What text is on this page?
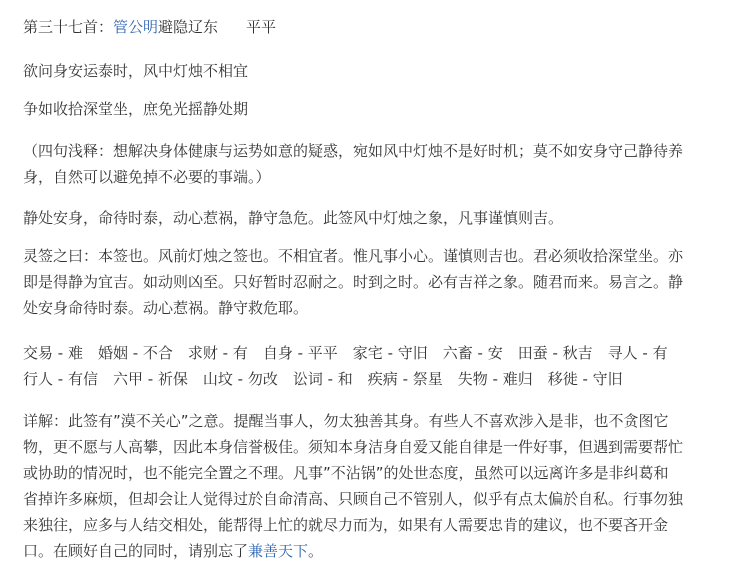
第三十七首：管公明避隐辽东 平平
欲问身安运泰时，风中灯烛不相宜
争如收拾深堂坐，庶免光摇静处期
（四句浅释：想解决身体健康与运势如意的疑惑，宛如风中灯烛不是好时机；莫不如安身守己静待养
身，自然可以避免掉不必要的事端。）
静处安身，命待时泰，动心惹祸，静守急危。此签风中灯烛之象，凡事谨慎则吉。
灵签之曰：本签也。风前灯烛之签也。不相宜者。惟凡事小心。谨慎则吉也。君必须收拾深堂坐。亦
即是得静为宜吉。如动则凶至。只好暂时忍耐之。时到之时。必有吉祥之象。随君而来。易言之。静
处安身命待时泰。动心惹祸。静守救危耶。
交易 - 难　婚姻 - 不合　求财 - 有　自身 - 平平　家宅 - 守旧　六畜 - 安　田蚕 - 秋吉　寻人 - 有
行人 - 有信　六甲 - 祈保　山坟 - 勿改　讼词 - 和　疾病 - 祭星　失物 - 难归　移徙 - 守旧
详解：此签有”漠不关心”之意。提醒当事人，勿太独善其身。有些人不喜欢涉入是非，也不贪图它
物，更不愿与人高攀，因此本身信誉极佳。须知本身洁身自爱又能自律是一件好事，但遇到需要帮忙
或协助的情况时，也不能完全置之不理。凡事”不沾锅”的处世态度，虽然可以远离许多是非纠葛和
省掉许多麻烦，但却会让人觉得过於自命清高、只顾自己不管别人，似乎有点太偏於自私。行事勿独
来独往，应多与人结交相处，能帮得上忙的就尽力而为，如果有人需要忠肯的建议，也不要吝开金
口。在顾好自己的同时，请别忘了兼善天下。
